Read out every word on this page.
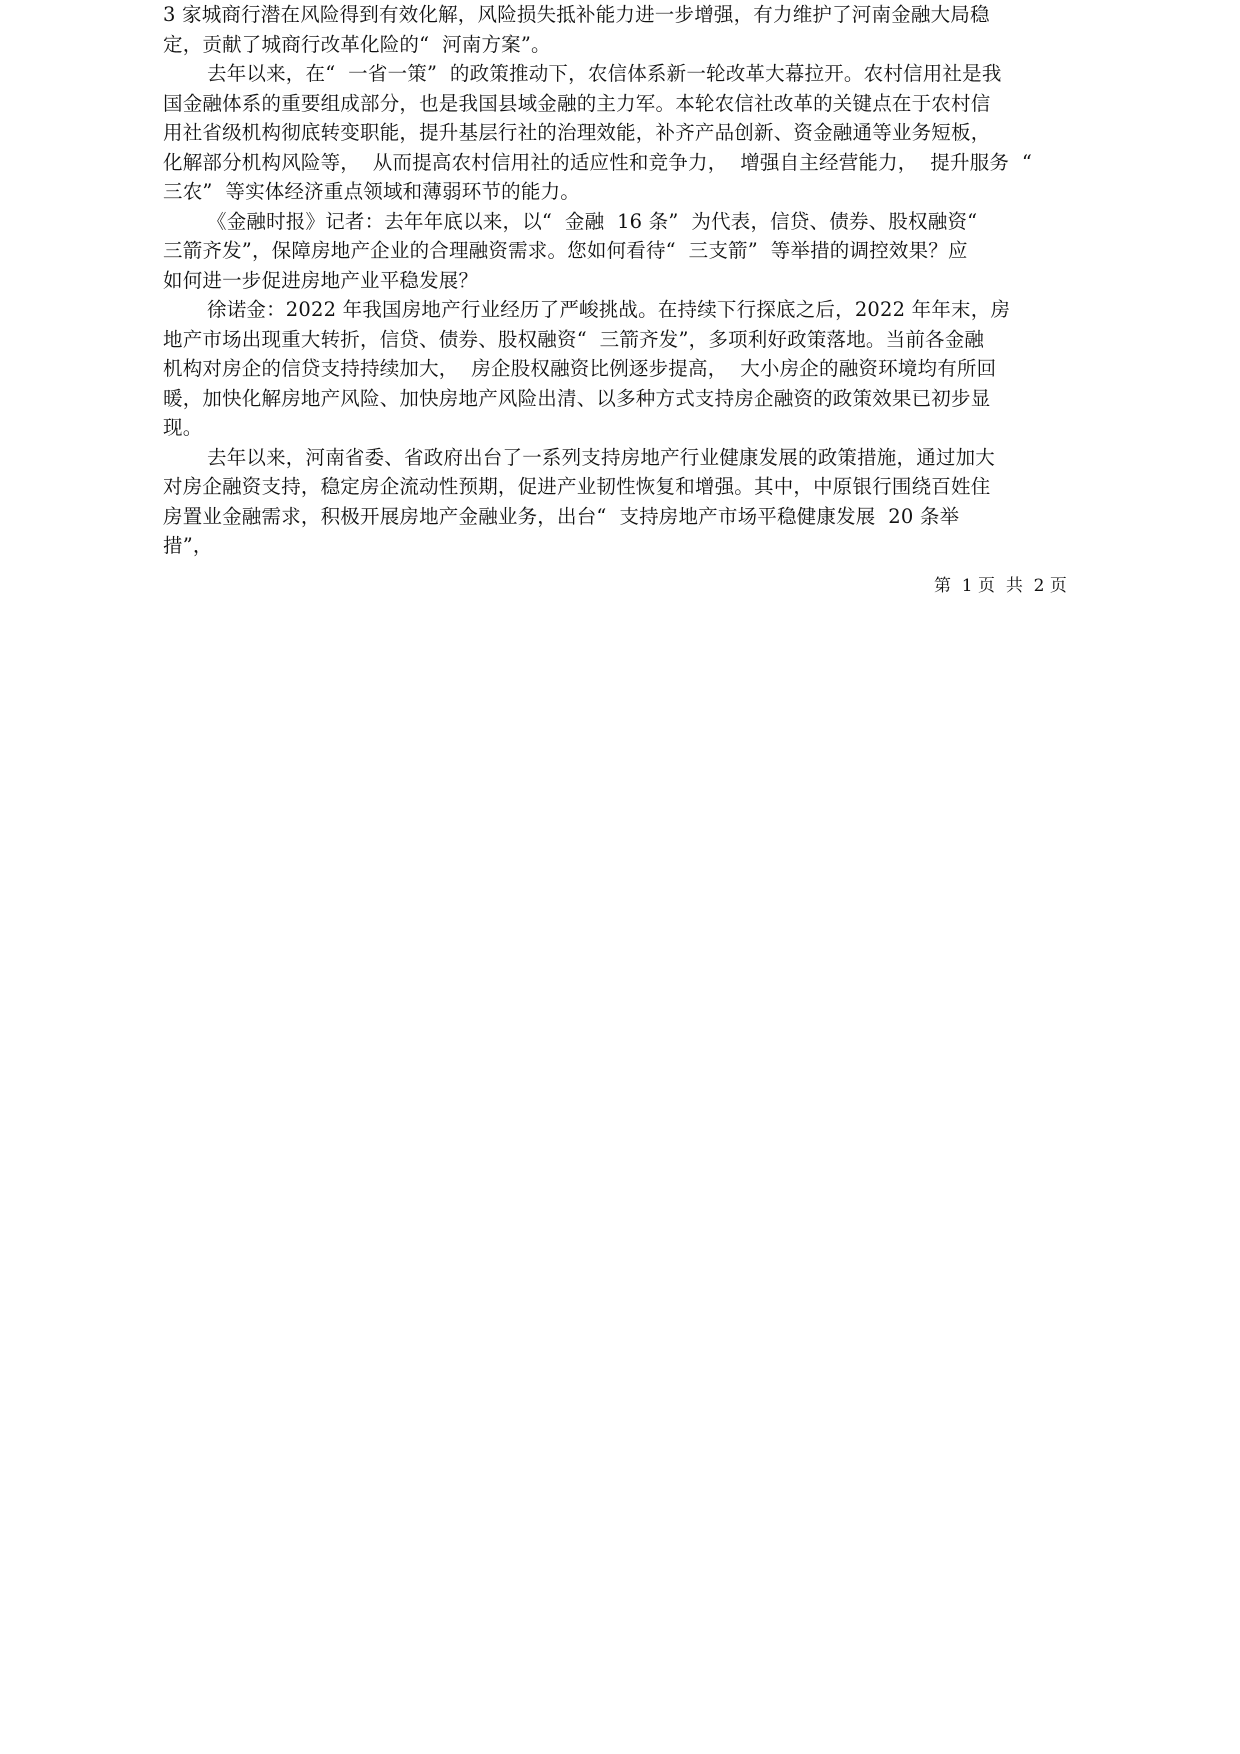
3 家城商行潜在风险得到有效化解，风险损失抵补能力进一步增强，有力维护了河南金融大局稳
定，贡献了城商行改革化险的“  河南方案”。
去年以来，在“  一省一策”  的政策推动下，农信体系新一轮改革大幕拉开。农村信用社是我
国金融体系的重要组成部分，也是我国县域金融的主力军。本轮农信社改革的关键点在于农村信
用社省级机构彻底转变职能，提升基层行社的治理效能，补齐产品创新、资金融通等业务短板，
化解部分机构风险等，  从而提高农村信用社的适应性和竞争力，  增强自主经营能力，  提升服务  “
三农”  等实体经济重点领域和薄弱环节的能力。
《金融时报》记者：去年年底以来，以“  金融  16 条”  为代表，信贷、债券、股权融资“
三箭齐发”，保障房地产企业的合理融资需求。您如何看待“  三支箭”  等举措的调控效果？应
如何进一步促进房地产业平稳发展？
徐诺金：2022 年我国房地产行业经历了严峻挑战。在持续下行探底之后，2022 年年末，房
地产市场出现重大转折，信贷、债券、股权融资“  三箭齐发”，多项利好政策落地。当前各金融
机构对房企的信贷支持持续加大，  房企股权融资比例逐步提高，  大小房企的融资环境均有所回
暖，加快化解房地产风险、加快房地产风险出清、以多种方式支持房企融资的政策效果已初步显
现。
去年以来，河南省委、省政府出台了一系列支持房地产行业健康发展的政策措施，通过加大
对房企融资支持，稳定房企流动性预期，促进产业韧性恢复和增强。其中，中原银行围绕百姓住
房置业金融需求，积极开展房地产金融业务，出台“  支持房地产市场平稳健康发展  20 条举
措”，
第  1 页  共  2 页
